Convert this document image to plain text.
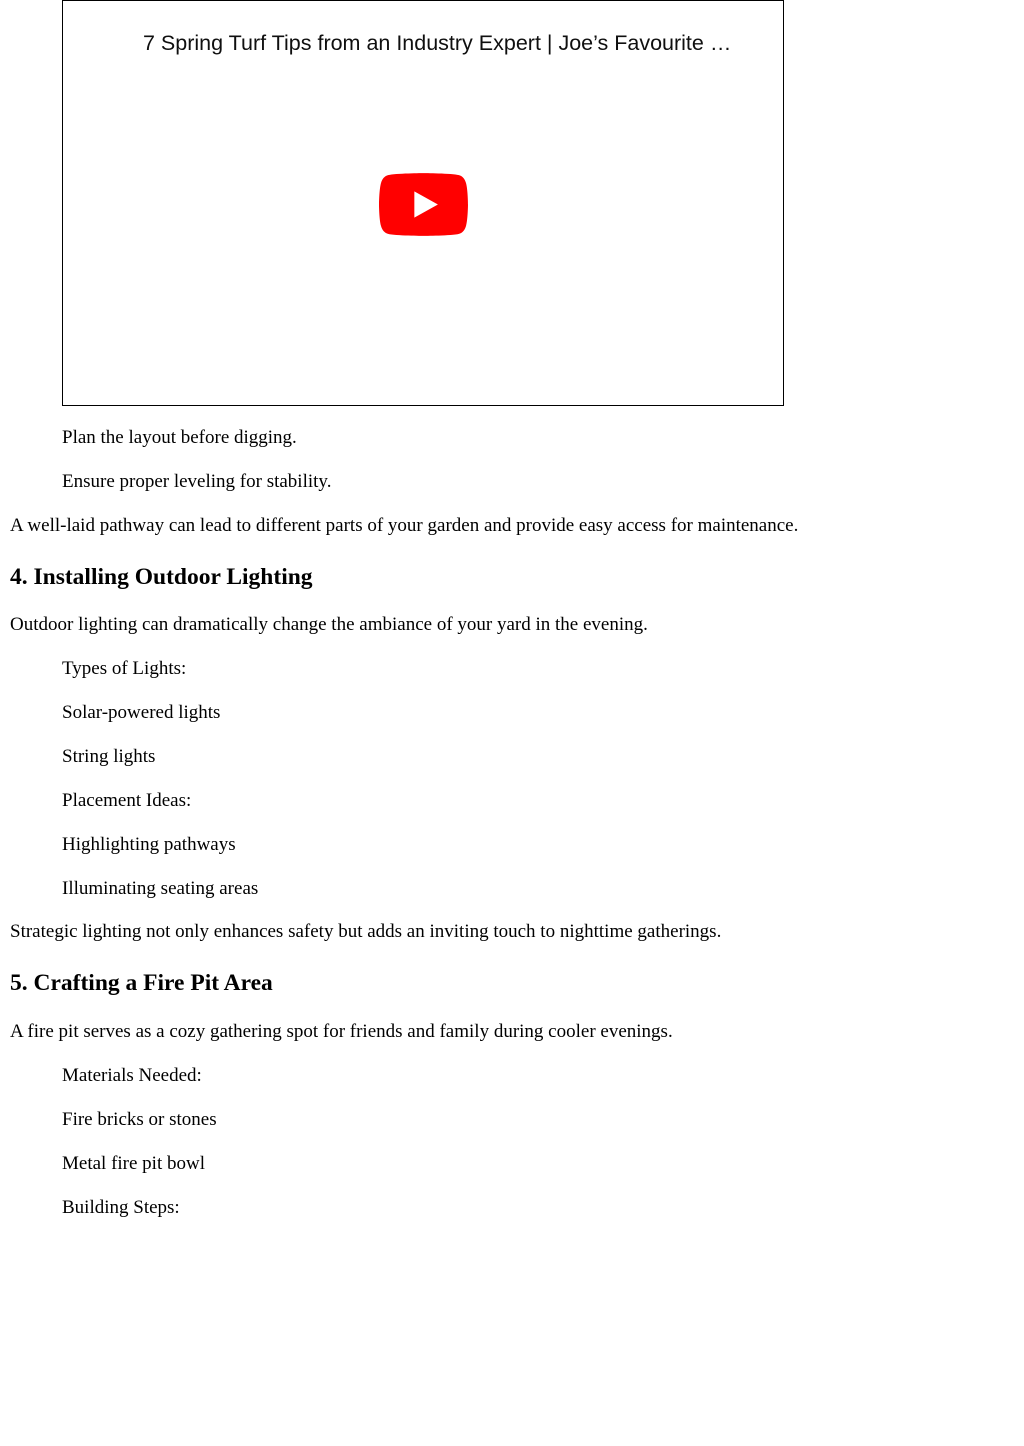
7 Spring Turf Tips from an Industry Expert | Joe’s Favourite …
Plan the layout before digging.
Ensure proper leveling for stability.
A well-laid pathway can lead to different parts of your garden and provide easy access for maintenance.
4. Installing Outdoor Lighting
Outdoor lighting can dramatically change the ambiance of your yard in the evening.
Types of Lights:
Solar-powered lights
String lights
Placement Ideas:
Highlighting pathways
Illuminating seating areas
Strategic lighting not only enhances safety but adds an inviting touch to nighttime gatherings.
5. Crafting a Fire Pit Area
A fire pit serves as a cozy gathering spot for friends and family during cooler evenings.
Materials Needed:
Fire bricks or stones
Metal fire pit bowl
Building Steps:
